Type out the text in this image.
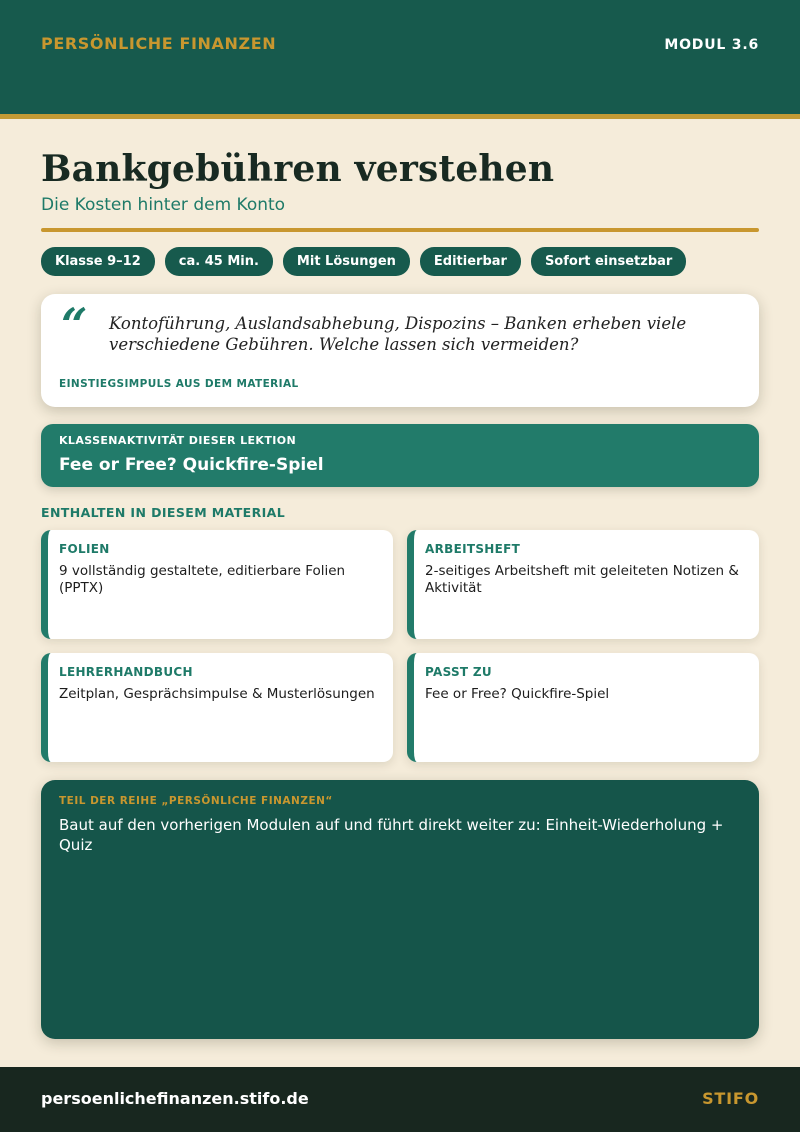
PERSÖNLICHE FINANZEN	MODUL 3.6
Bankgebühren verstehen
Die Kosten hinter dem Konto
Klasse 9–12	ca. 45 Min.	Mit Lösungen	Editierbar	Sofort einsetzbar
“ Kontoführung, Auslandsabhebung, Dispozins – Banken erheben viele verschiedene Gebühren. Welche lassen sich vermeiden?
EINSTIEGSIMPULS AUS DEM MATERIAL
KLASSENAKTIVITÄT DIESER LEKTION
Fee or Free? Quickfire-Spiel
ENTHALTEN IN DIESEM MATERIAL
FOLIEN
9 vollständig gestaltete, editierbare Folien (PPTX)
ARBEITSHEFT
2-seitiges Arbeitsheft mit geleiteten Notizen & Aktivität
LEHRERHANDBUCH
Zeitplan, Gesprächsimpulse & Musterlösungen
PASST ZU
Fee or Free? Quickfire-Spiel
TEIL DER REIHE „PERSÖNLICHE FINANZEN“
Baut auf den vorherigen Modulen auf und führt direkt weiter zu: Einheit-Wiederholung + Quiz
persoenlichefinanzen.stifo.de	STIFO
